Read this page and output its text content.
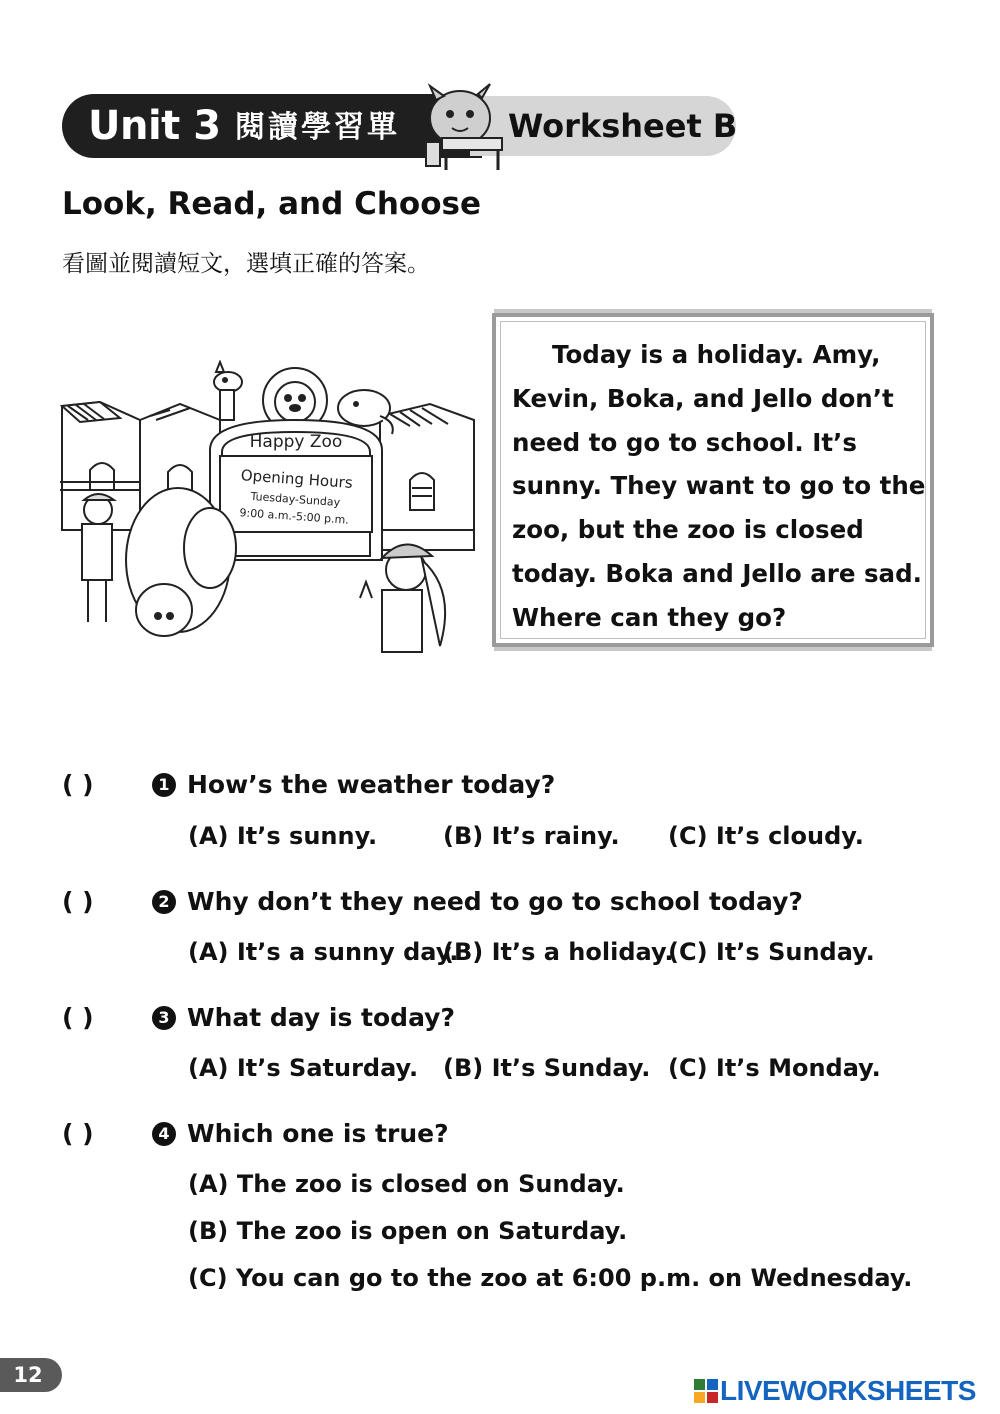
Unit 3 閱讀學習單	Worksheet B
Look, Read, and Choose
看圖並閱讀短文，選填正確的答案。
Happy Zoo
Opening Hours
Tuesday-Sunday
9:00 a.m.-5:00 p.m.
Today is a holiday. Amy, Kevin, Boka, and Jello don’t need to go to school. It’s sunny. They want to go to the zoo, but the zoo is closed today. Boka and Jello are sad. Where can they go?
( )	1 How’s the weather today?
(A) It’s sunny.	(B) It’s rainy. (C) It’s cloudy.
( )	2 Why don’t they need to go to school today?
(A) It’s a sunny day.
(B) It’s a holiday.
(C) It’s Sunday.
( )	3 What day is today?
(A) It’s Saturday. (B) It’s Sunday. (C) It’s Monday.
( )	4 Which one is true?
(A) The zoo is closed on Sunday.
(B) The zoo is open on Saturday.
(C) You can go to the zoo at 6:00 p.m. on Wednesday.
12	LIVEWORKSHEETS
